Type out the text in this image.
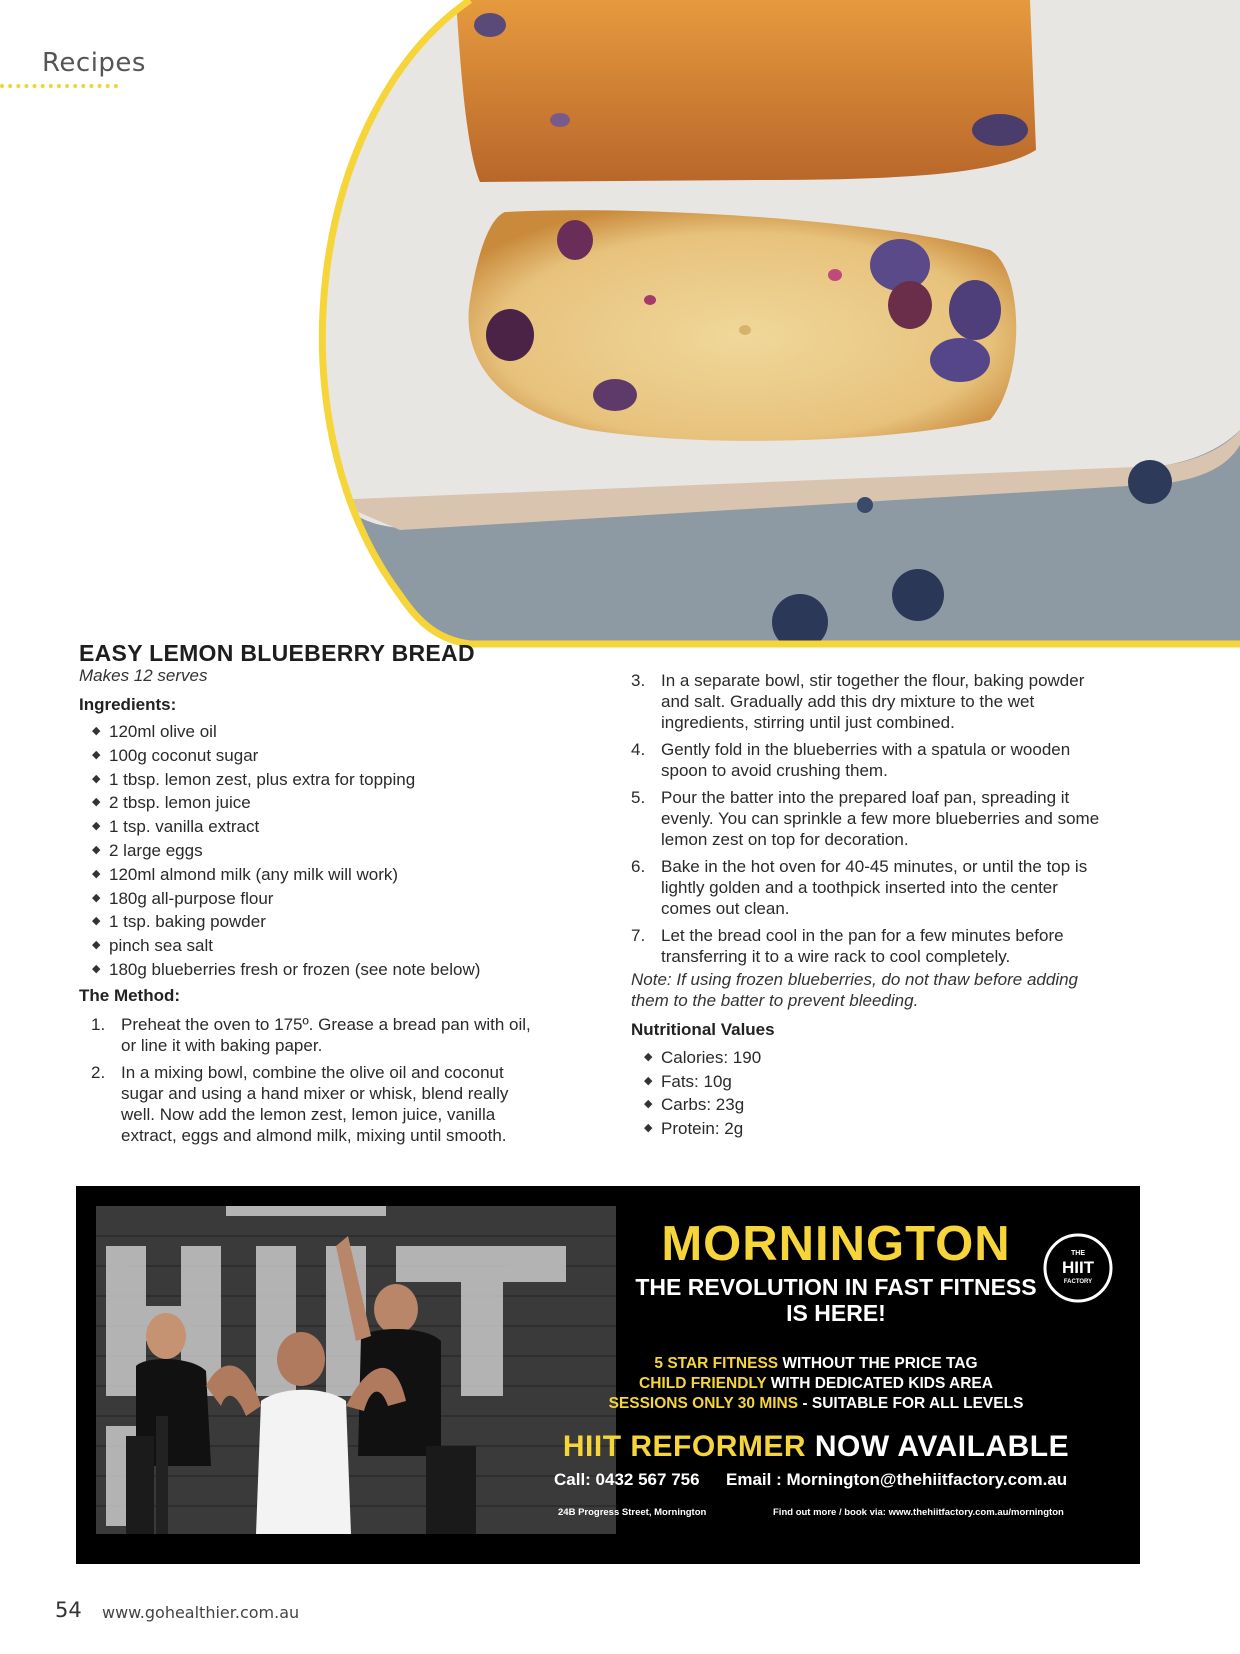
Recipes
EASY LEMON BLUEBERRY BREAD
Makes 12 serves
Ingredients:
◆ 120ml olive oil
◆ 100g coconut sugar
◆ 1 tbsp. lemon zest, plus extra for topping
◆ 2 tbsp. lemon juice
◆ 1 tsp. vanilla extract
◆ 2 large eggs
◆ 120ml almond milk (any milk will work)
◆ 180g all-purpose flour
◆ 1 tsp. baking powder
◆ pinch sea salt
◆ 180g blueberries fresh or frozen (see note below)
The Method:
1. Preheat the oven to 175º. Grease a bread pan with oil, or line it with baking paper.
2. In a mixing bowl, combine the olive oil and coconut sugar and using a hand mixer or whisk, blend really well. Now add the lemon zest, lemon juice, vanilla extract, eggs and almond milk, mixing until smooth.
3. In a separate bowl, stir together the flour, baking powder and salt. Gradually add this dry mixture to the wet ingredients, stirring until just combined.
4. Gently fold in the blueberries with a spatula or wooden spoon to avoid crushing them.
5. Pour the batter into the prepared loaf pan, spreading it evenly. You can sprinkle a few more blueberries and some lemon zest on top for decoration.
6. Bake in the hot oven for 40-45 minutes, or until the top is lightly golden and a toothpick inserted into the center comes out clean.
7. Let the bread cool in the pan for a few minutes before transferring it to a wire rack to cool completely.
Note: If using frozen blueberries, do not thaw before adding them to the batter to prevent bleeding.
Nutritional Values
◆ Calories: 190
◆ Fats: 10g
◆ Carbs: 23g
◆ Protein: 2g
MORNINGTON
THE REVOLUTION IN FAST FITNESS
IS HERE!
THE
HIIT
FACTORY
5 STAR FITNESS WITHOUT THE PRICE TAG
CHILD FRIENDLY WITH DEDICATED KIDS AREA
SESSIONS ONLY 30 MINS - SUITABLE FOR ALL LEVELS
HIIT REFORMER NOW AVAILABLE
Call: 0432 567 756 Email : Mornington@thehiitfactory.com.au
24B Progress Street, Mornington	Find out more / book via: www.thehiitfactory.com.au/mornington
54 www.gohealthier.com.au
